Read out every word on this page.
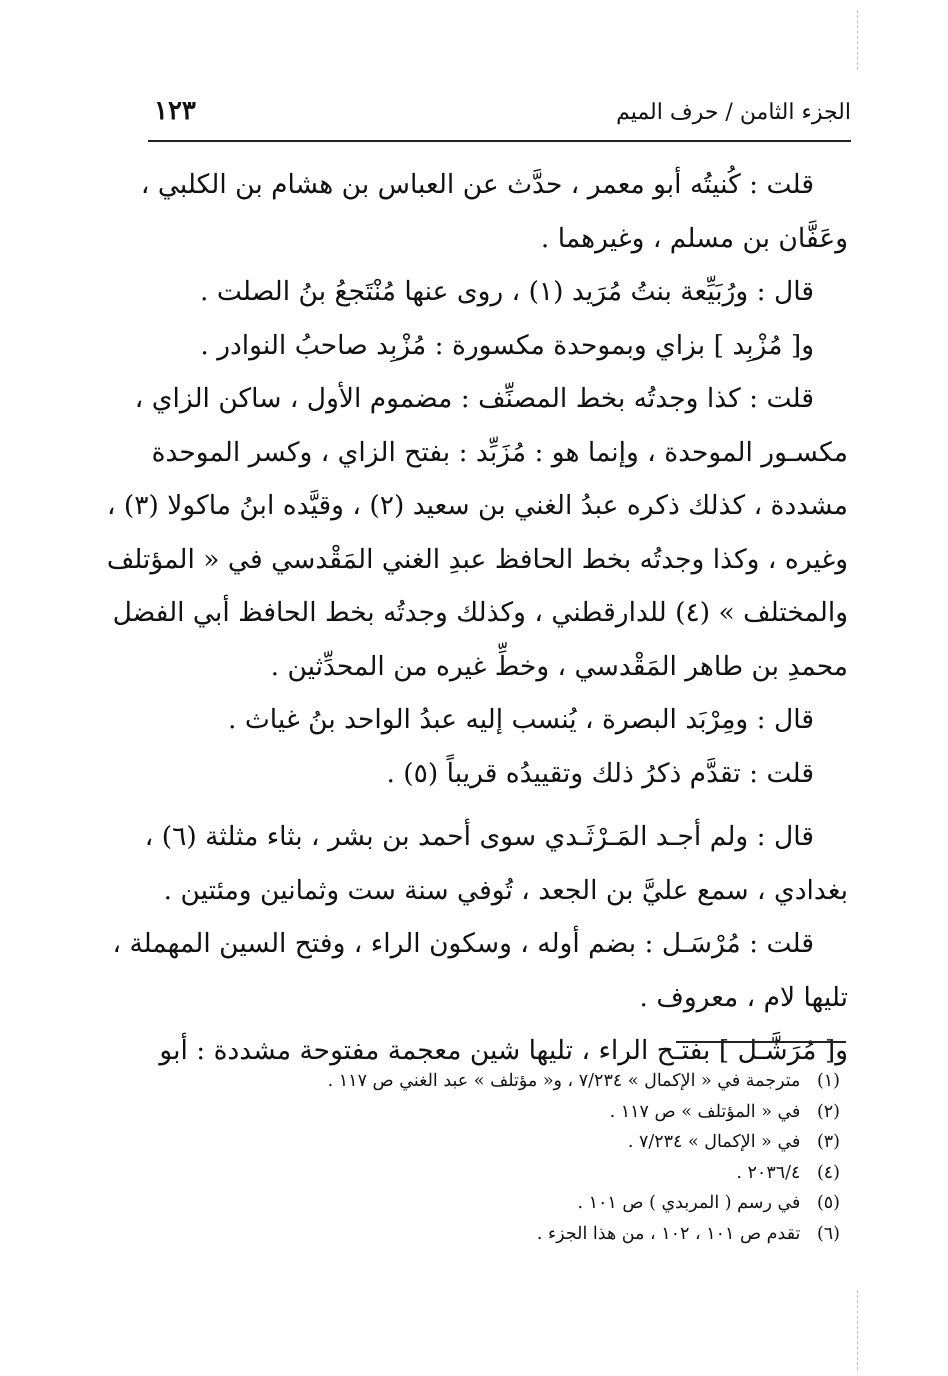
١٢٣	الجزء الثامن / حرف الميم
قلت : كُنيتُه أبو معمر ، حدَّث عن العباس بن هشام بن الكلبي ،
وعَفَّان بن مسلم ، وغيرهما .
قال : ورُبَيِّعة بنتُ مُرَيد (١) ، روى عنها مُنْتَجعُ بنُ الصلت .
و[ مُزْبِد ] بزاي وبموحدة مكسورة : مُزْبِد صاحبُ النوادر .
قلت : كذا وجدتُه بخط المصنِّف : مضموم الأول ، ساكن الزاي ،
مكسـور الموحدة ، وإنما هو : مُزَبِّد : بفتح الزاي ، وكسر الموحدة
مشددة ، كذلك ذكره عبدُ الغني بن سعيد (٢) ، وقيَّده ابنُ ماكولا (٣) ،
وغيره ، وكذا وجدتُه بخط الحافظ عبدِ الغني المَقْدسي في « المؤتلف
والمختلف » (٤) للدارقطني ، وكذلك وجدتُه بخط الحافظ أبي الفضل
محمدِ بن طاهر المَقْدسي ، وخطِّ غيره من المحدِّثين .
قال : ومِرْبَد البصرة ، يُنسب إليه عبدُ الواحد بنُ غياث .
قلت : تقدَّم ذكرُ ذلك وتقييدُه قريباً (٥) .
قال : ولم أجـد المَـرْثَـدي سوى أحمد بن بشر ، بثاء مثلثة (٦) ،
بغدادي ، سمع عليَّ بن الجعد ، تُوفي سنة ست وثمانين ومئتين .
قلت : مُرْسَـل : بضم أوله ، وسكون الراء ، وفتح السين المهملة ،
تليها لام ، معروف .
و[ مُرَشَّـل ] بفتـح الراء ، تليها شين معجمة مفتوحة مشددة : أبو
(١) مترجمة في « الإكمال » ٧/٢٣٤ ، و« مؤتلف » عبد الغني ص ١١٧ .
(٢) في « المؤتلف » ص ١١٧ .
(٣) في « الإكمال » ٧/٢٣٤ .
(٤) ٢٠٣٦/٤ .
(٥) في رسم ( المربدي ) ص ١٠١ .
(٦) تقدم ص ١٠١ ، ١٠٢ ، من هذا الجزء .
